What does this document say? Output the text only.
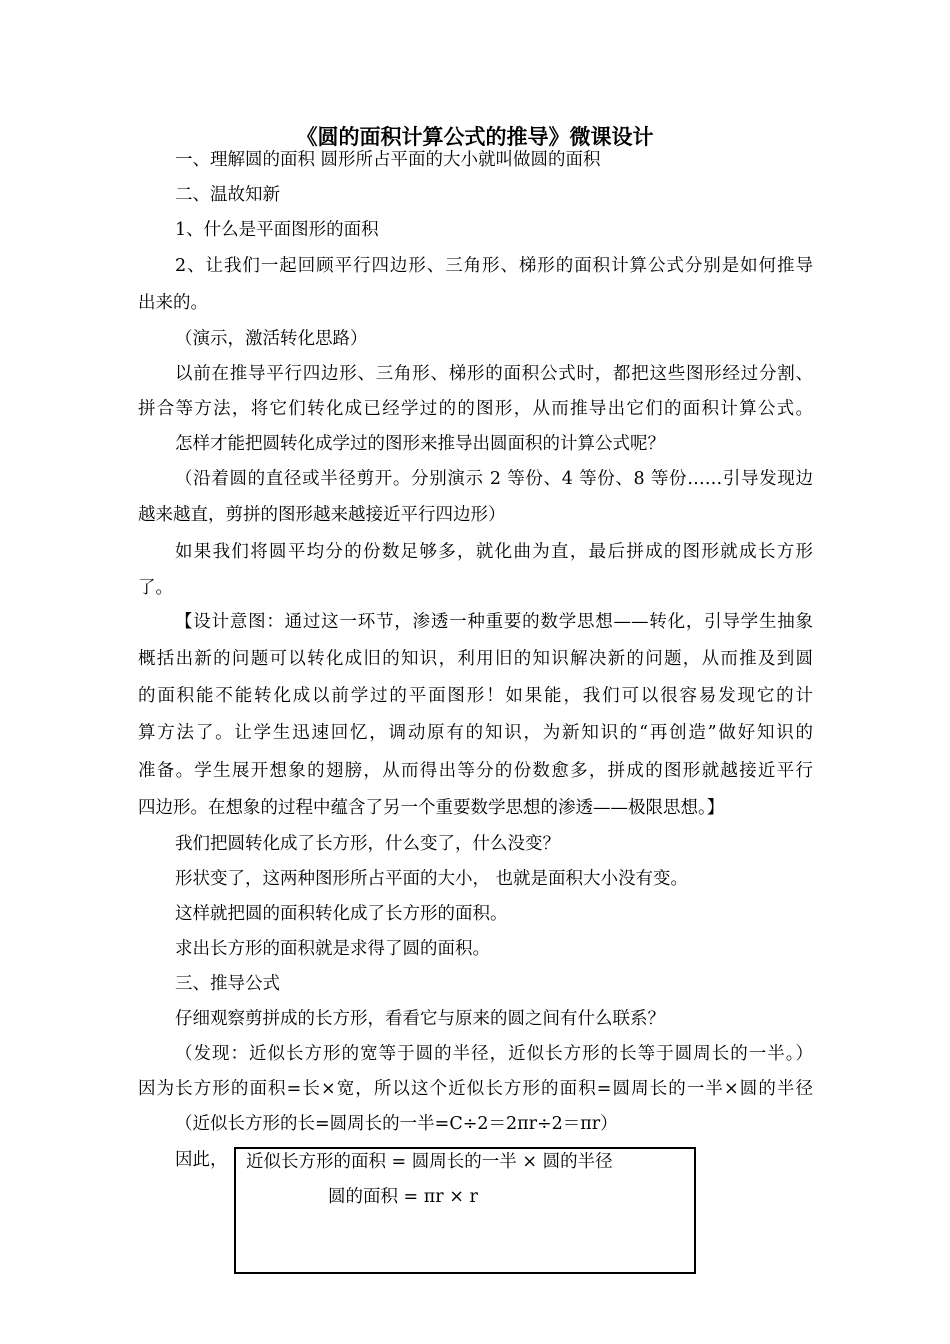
《圆的面积计算公式的推导》微课设计
一、理解圆的面积 圆形所占平面的大小就叫做圆的面积
二、温故知新
1、什么是平面图形的面积
2、让我们一起回顾平行四边形、三角形、梯形的面积计算公式分别是如何推导
出来的。
（演示，激活转化思路）
以前在推导平行四边形、三角形、梯形的面积公式时，都把这些图形经过分割、
拼合等方法，将它们转化成已经学过的的图形，从而推导出它们的面积计算公式。
怎样才能把圆转化成学过的图形来推导出圆面积的计算公式呢？
（沿着圆的直径或半径剪开。分别演示 2 等份、4 等份、8 等份……引导发现边
越来越直，剪拼的图形越来越接近平行四边形）
如果我们将圆平均分的份数足够多，就化曲为直，最后拼成的图形就成长方形
了。
【设计意图：通过这一环节，渗透一种重要的数学思想——转化，引导学生抽象
概括出新的问题可以转化成旧的知识，利用旧的知识解决新的问题，从而推及到圆
的面积能不能转化成以前学过的平面图形！如果能，我们可以很容易发现它的计
算方法了。让学生迅速回忆，调动原有的知识，为新知识的“再创造”做好知识的
准备。学生展开想象的翅膀，从而得出等分的份数愈多，拼成的图形就越接近平行
四边形。在想象的过程中蕴含了另一个重要数学思想的渗透——极限思想。】
我们把圆转化成了长方形，什么变了，什么没变？
形状变了，这两种图形所占平面的大小， 也就是面积大小没有变。
这样就把圆的面积转化成了长方形的面积。
求出长方形的面积就是求得了圆的面积。
三、推导公式
仔细观察剪拼成的长方形，看看它与原来的圆之间有什么联系？
（发现：近似长方形的宽等于圆的半径，近似长方形的长等于圆周长的一半。）
因为长方形的面积=长×宽，所以这个近似长方形的面积=圆周长的一半×圆的半径
（近似长方形的长=圆周长的一半=C÷2＝2πr÷2＝πr）
因此， 近似长方形的面积 = 圆周长的一半 × 圆的半径
圆的面积 = πr × r
